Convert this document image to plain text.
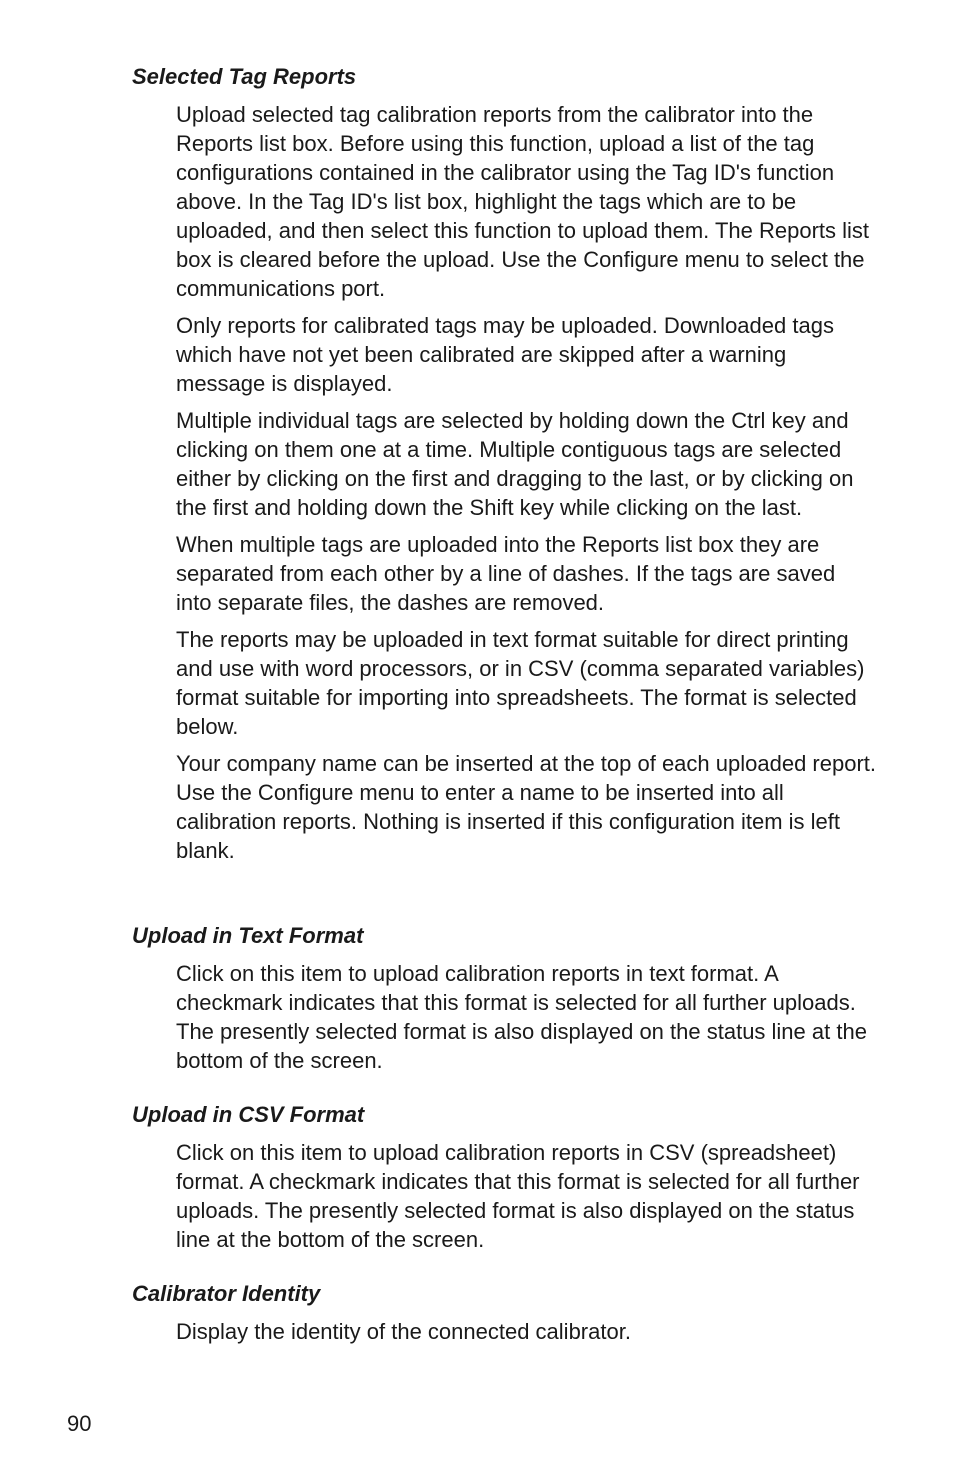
Selected Tag Reports

Upload selected tag calibration reports from the calibrator into the Reports list box. Before using this function, upload a list of the tag configurations contained in the calibrator using the Tag ID's function above. In the Tag ID's list box, highlight the tags which are to be uploaded, and then select this function to upload them. The Reports list box is cleared before the upload. Use the Configure menu to select the communications port.

Only reports for calibrated tags may be uploaded. Downloaded tags which have not yet been calibrated are skipped after a warning message is displayed.

Multiple individual tags are selected by holding down the Ctrl key and clicking on them one at a time. Multiple contiguous tags are selected either by clicking on the first and dragging to the last, or by clicking on the first and holding down the Shift key while clicking on the last.

When multiple tags are uploaded into the Reports list box they are separated from each other by a line of dashes. If the tags are saved into separate files, the dashes are removed.

The reports may be uploaded in text format suitable for direct printing and use with word processors, or in CSV (comma separated variables) format suitable for importing into spreadsheets. The format is selected below.

Your company name can be inserted at the top of each uploaded report. Use the Configure menu to enter a name to be inserted into all calibration reports. Nothing is inserted if this configuration item is left blank.

Upload in Text Format

Click on this item to upload calibration reports in text format. A checkmark indicates that this format is selected for all further uploads. The presently selected format is also displayed on the status line at the bottom of the screen.

Upload in CSV Format

Click on this item to upload calibration reports in CSV (spreadsheet) format. A checkmark indicates that this format is selected for all further uploads. The presently selected format is also displayed on the status line at the bottom of the screen.

Calibrator Identity

Display the identity of the connected calibrator.

90
